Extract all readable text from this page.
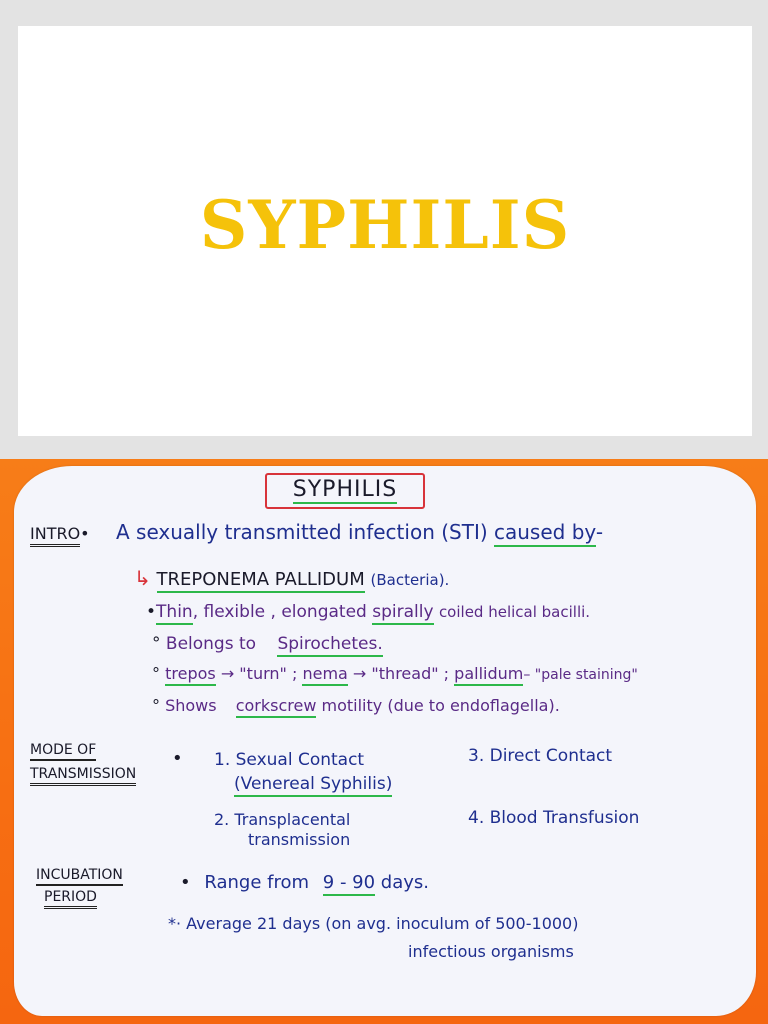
SYPHILIS
SYPHILIS
INTRO• A sexually transmitted infection (STI) caused by-
↳ TREPONEMA PALLIDUM (Bacteria).
•Thin, flexible , elongated spirally coiled helical bacilli.
° Belongs to Spirochetes.
° trepos → "turn" ; nema → "thread" ; pallidum– "pale staining"
° Shows corkscrew motility (due to endoflagella).
MODE OF
TRANSMISSION
• 1. Sexual Contact
(Venereal Syphilis)
3. Direct Contact
2. Transplacental
transmission
4. Blood Transfusion
INCUBATION
PERIOD
• Range from 9 - 90 days.
*· Average 21 days (on avg. inoculum of 500-1000)
infectious organisms
